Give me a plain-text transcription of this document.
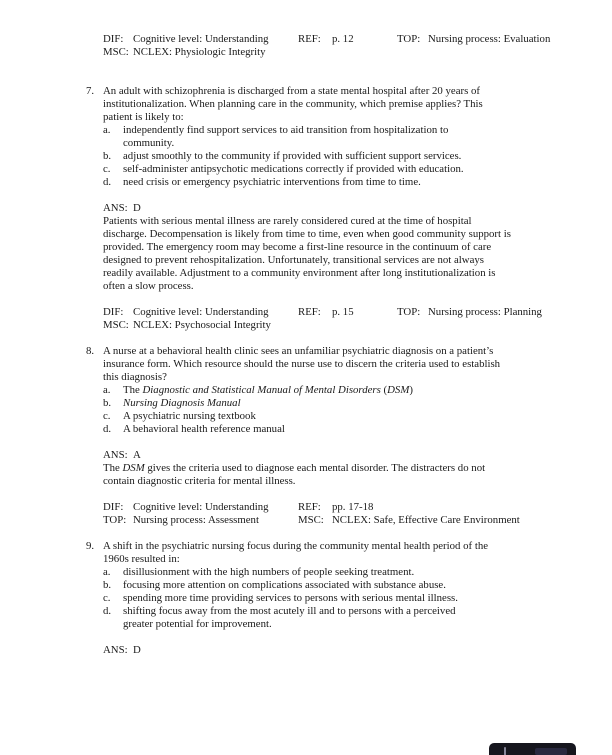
DIF: Cognitive level: Understanding	REF:	p. 12	TOP: Nursing process: Evaluation
MSC: NCLEX: Physiologic Integrity
7. An adult with schizophrenia is discharged from a state mental hospital after 20 years of
institutionalization. When planning care in the community, which premise applies? This
patient is likely to:
a.	independently find support services to aid transition from hospitalization to
community.
b.	adjust smoothly to the community if provided with sufficient support services.
c.	self-administer antipsychotic medications correctly if provided with education.
d.	need crisis or emergency psychiatric interventions from time to time.
ANS: D
Patients with serious mental illness are rarely considered cured at the time of hospital
discharge. Decompensation is likely from time to time, even when good community support is
provided. The emergency room may become a first-line resource in the continuum of care
designed to prevent rehospitalization. Unfortunately, transitional services are not always
readily available. Adjustment to a community environment after long institutionalization is
often a slow process.
DIF: Cognitive level: Understanding	REF:	p. 15	TOP: Nursing process: Planning
MSC: NCLEX: Psychosocial Integrity
8. A nurse at a behavioral health clinic sees an unfamiliar psychiatric diagnosis on a patient’s
insurance form. Which resource should the nurse use to discern the criteria used to establish
this diagnosis?
a.	The Diagnostic and Statistical Manual of Mental Disorders (DSM)
b.	Nursing Diagnosis Manual
c.	A psychiatric nursing textbook
d.	A behavioral health reference manual
ANS: A
The DSM gives the criteria used to diagnose each mental disorder. The distracters do not
contain diagnostic criteria for mental illness.
DIF: Cognitive level: Understanding	REF:	pp. 17-18
TOP: Nursing process: Assessment	MSC: NCLEX: Safe, Effective Care Environment
9. A shift in the psychiatric nursing focus during the community mental health period of the
1960s resulted in:
a.	disillusionment with the high numbers of people seeking treatment.
b.	focusing more attention on complications associated with substance abuse.
c.	spending more time providing services to persons with serious mental illness.
d.	shifting focus away from the most acutely ill and to persons with a perceived
greater potential for improvement.
ANS: D
